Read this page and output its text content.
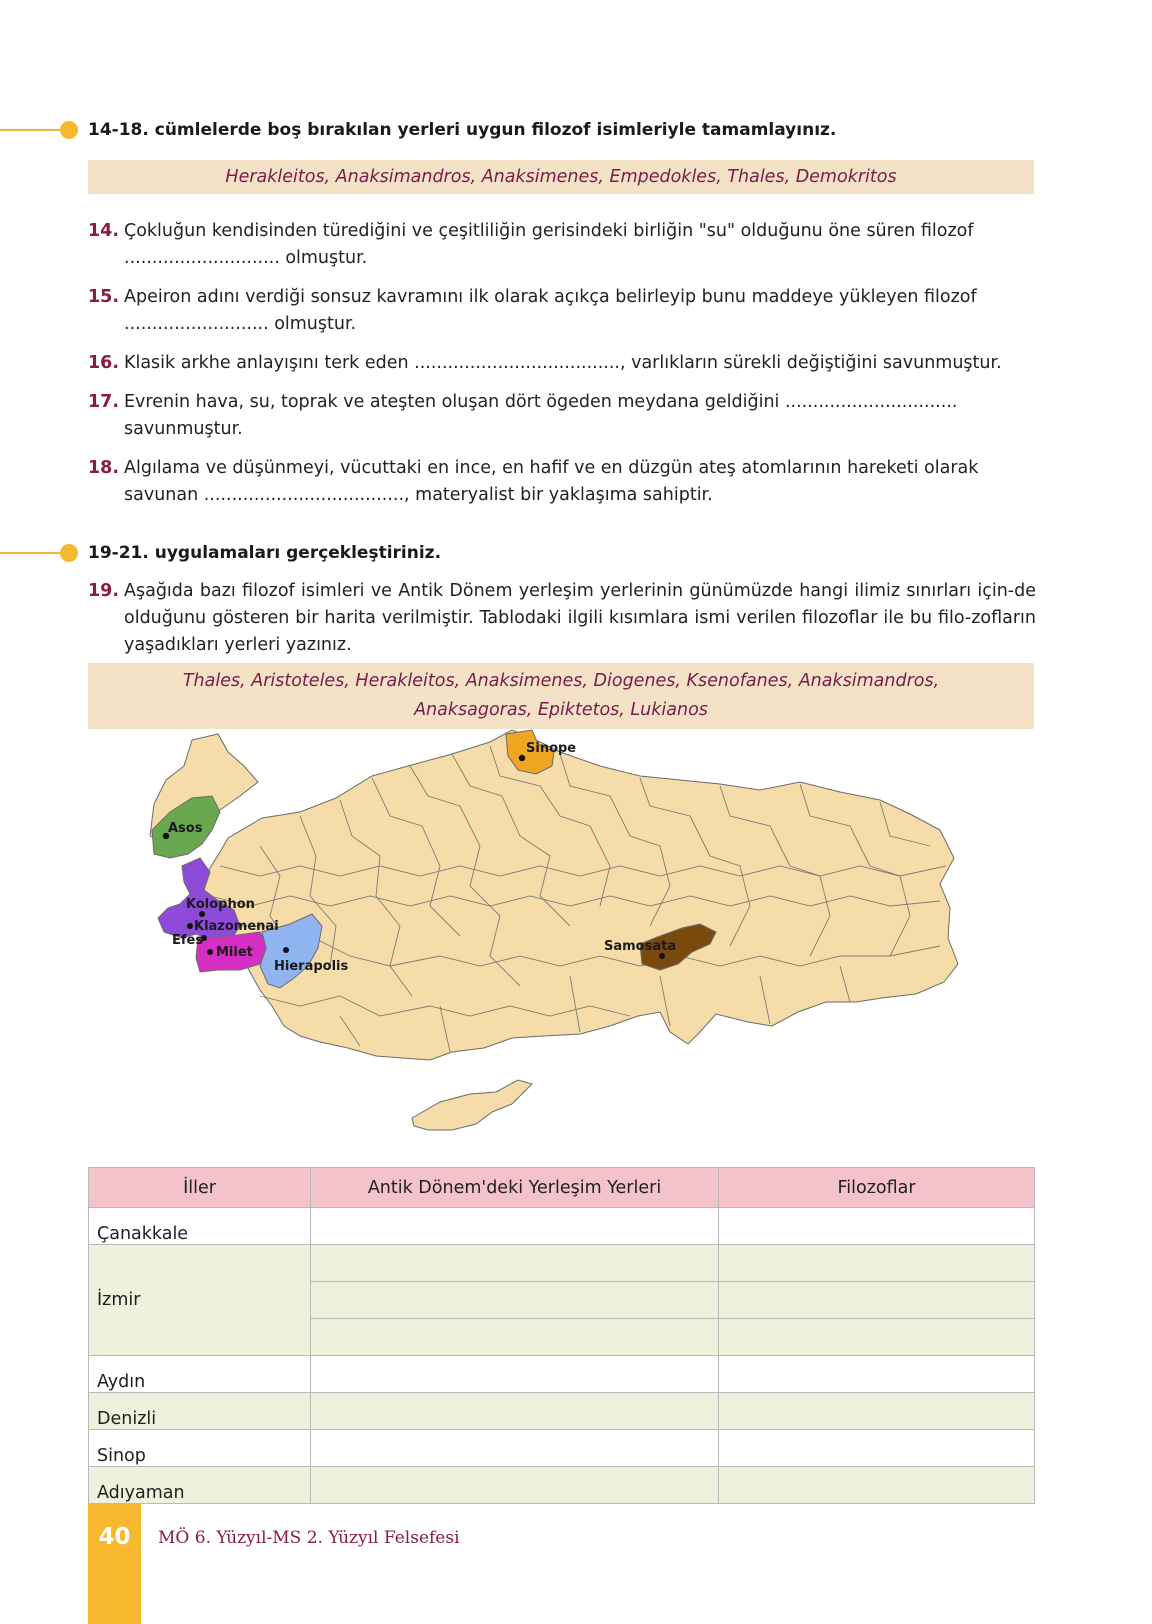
14-18. cümlelerde boş bırakılan yerleri uygun filozof isimleriyle tamamlayınız.
Herakleitos, Anaksimandros, Anaksimenes, Empedokles, Thales, Demokritos
14. Çokluğun kendisinden türediğini ve çeşitliliğin gerisindeki birliğin "su" olduğunu öne süren filozof ............................ olmuştur.
15. Apeiron adını verdiği sonsuz kavramını ilk olarak açıkça belirleyip bunu maddeye yükleyen filozof .......................... olmuştur.
16. Klasik arkhe anlayışını terk eden ....................................., varlıkların sürekli değiştiğini savunmuştur.
17. Evrenin hava, su, toprak ve ateşten oluşan dört ögeden meydana geldiğini ............................... savunmuştur.
18. Algılama ve düşünmeyi, vücuttaki en ince, en hafif ve en düzgün ateş atomlarının hareketi olarak savunan ...................................., materyalist bir yaklaşıma sahiptir.
19-21. uygulamaları gerçekleştiriniz.
19. Aşağıda bazı filozof isimleri ve Antik Dönem yerleşim yerlerinin günümüzde hangi ilimiz sınırları için-de olduğunu gösteren bir harita verilmiştir. Tablodaki ilgili kısımlara ismi verilen filozoflar ile bu filo-zofların yaşadıkları yerleri yazınız.
Thales, Aristoteles, Herakleitos, Anaksimenes, Diogenes, Ksenofanes, Anaksimandros,
Anaksagoras, Epiktetos, Lukianos
Sinope
Asos
Kolophon
Klazomenai
Efes
Milet
Hierapolis
Samosata
İller	Antik Dönem'deki Yerleşim Yerleri	Filozoflar
Çanakkale		
İzmir		

Aydın		
Denizli		
Sinop		
Adıyaman		
40	MÖ 6. Yüzyıl-MS 2. Yüzyıl Felsefesi
